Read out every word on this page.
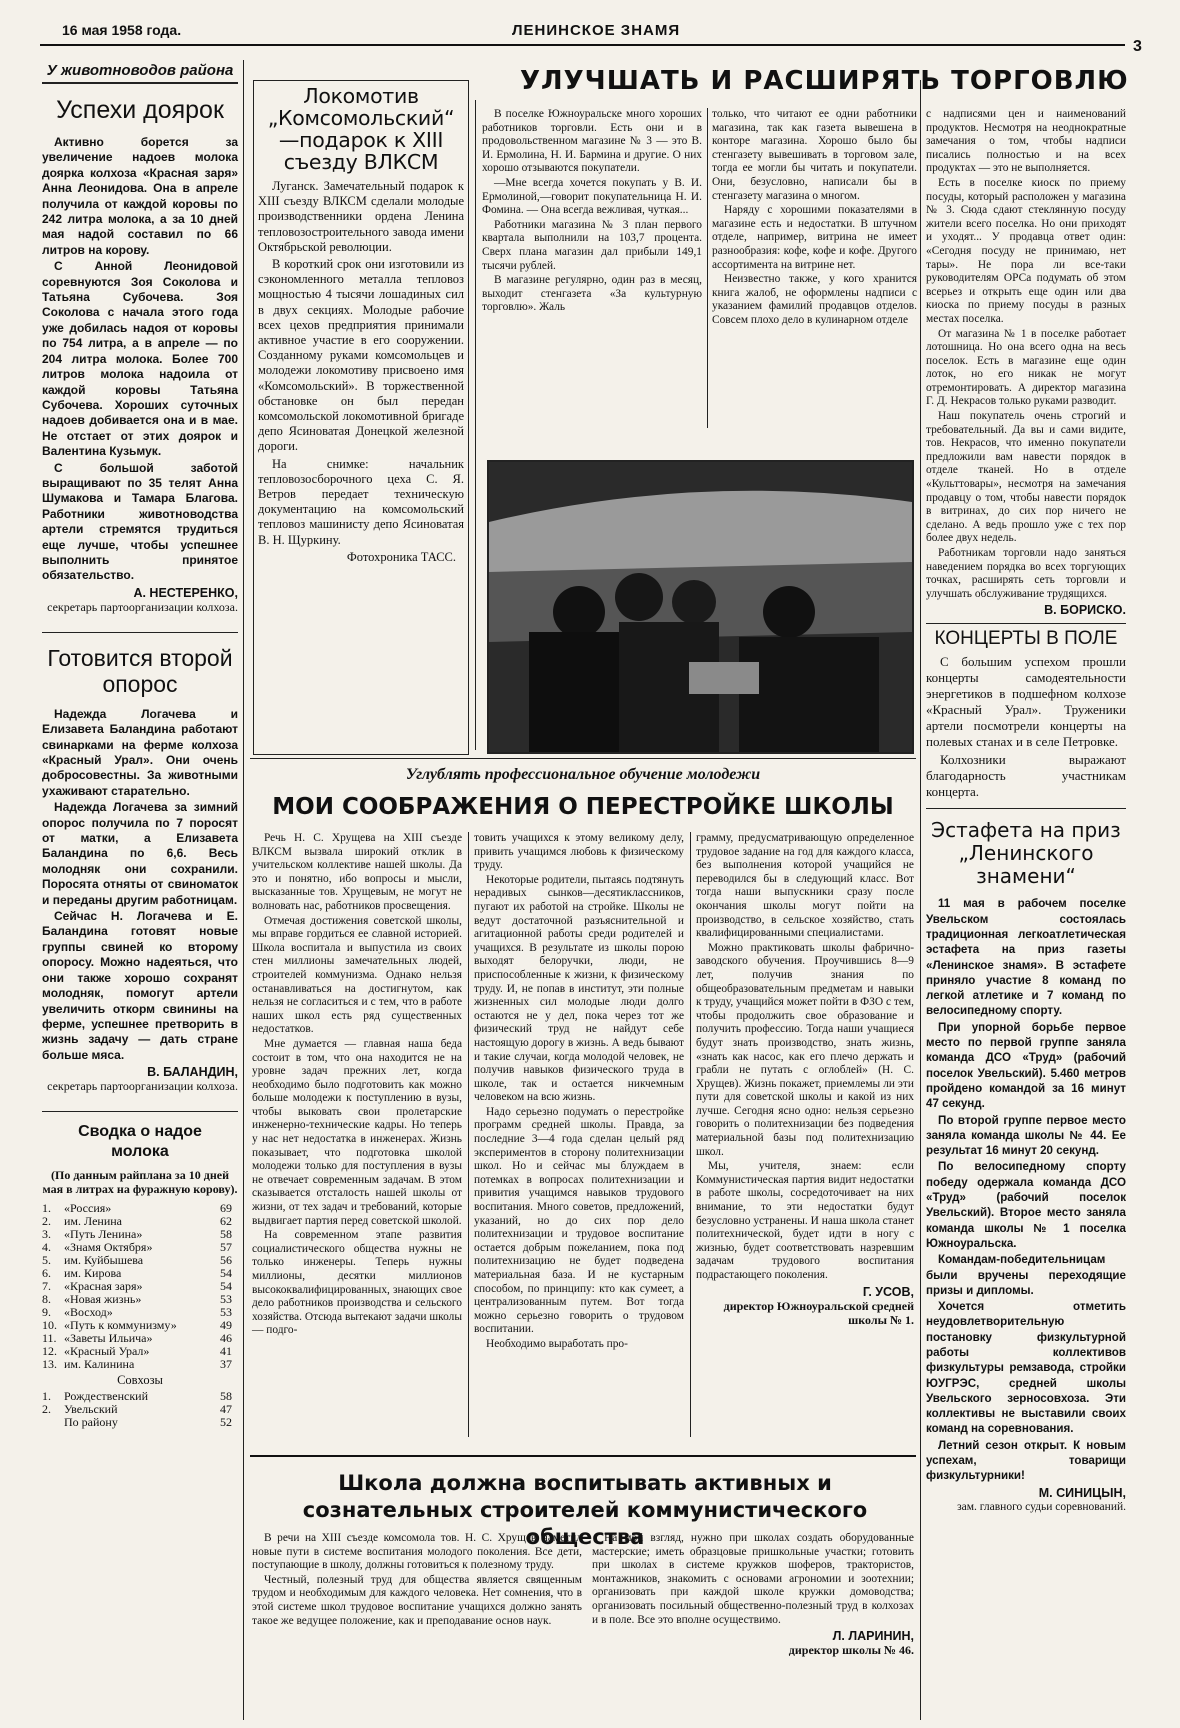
16 мая 1958 года.	ЛЕНИНСКОЕ ЗНАМЯ
3
У животноводов района
Успехи доярок

Активно борется за увеличение надоев молока доярка колхоза «Красная заря» Анна Леонидова. Она в апреле получила от каждой коровы по 242 литра молока, а за 10 дней мая надой составил по 66 литров на корову.

С Анной Леонидовой соревнуются Зоя Соколова и Татьяна Субочева. Зоя Соколова с начала этого года уже добилась надоя от коровы по 754 литра, а в апреле — по 204 литра молока. Более 700 литров молока надоила от каждой коровы Татьяна Субочева. Хороших суточных надоев добивается она и в мае. Не отстает от этих доярок и Валентина Кузьмук.

С большой заботой выращивают по 35 телят Анна Шумакова и Тамара Благова. Работники животноводства артели стремятся трудиться еще лучше, чтобы успешнее выполнить принятое обязательство.

А. НЕСТЕРЕНКО,

секретарь партоорганизации колхоза.

Готовится второй опорос

Надежда Логачева и Елизавета Баландина работают свинарками на ферме колхоза «Красный Урал». Они очень добросовестны. За животными ухаживают старательно.

Надежда Логачева за зимний опорос получила по 7 поросят от матки, а Елизавета Баландина по 6,6. Весь молодняк они сохранили. Поросята отняты от свиноматок и переданы другим работницам.

Сейчас Н. Логачева и Е. Баландина готовят новые группы свиней ко второму опоросу. Можно надеяться, что они также хорошо сохранят молодняк, помогут артели увеличить откорм свинины на ферме, успешнее претворить в жизнь задачу — дать стране больше мяса.

В. БАЛАНДИН,

секретарь партоорганизации колхоза.

Сводка о надое молока
(По данным райплана за 10 дней мая в литрах на фуражную корову).
1.	«Россия»	69
2.	им. Ленина	62
3.	«Путь Ленина»	58
4.	«Знамя Октября»	57
5.	им. Куйбышева	56
6.	им. Кирова	54
7.	«Красная заря»	54
8.	«Новая жизнь»	53
9.	«Восход»	53
10.	«Путь к коммунизму»	49
11.	«Заветы Ильича»	46
12.	«Красный Урал»	41
13.	им. Калинина	37
Совхозы
1.	Рождественский	58
2.	Увельский	47
	По району	52
Локомотив „Комсомольский“ —подарок к XIII съезду ВЛКСМ

Луганск. Замечательный подарок к XIII съезду ВЛКСМ сделали молодые производственники ордена Ленина тепловозостроительного завода имени Октябрьской революции.

В короткий срок они изготовили из сэкономленного металла тепловоз мощностью 4 тысячи лошадиных сил в двух секциях. Молодые рабочие всех цехов предприятия принимали активное участие в его сооружении. Созданному руками комсомольцев и молодежи локомотиву присвоено имя «Комсомольский». В торжественной обстановке он был передан комсомольской локомотивной бригаде депо Ясиноватая Донецкой железной дороги.

На снимке: начальник тепловозосборочного цеха С. Я. Ветров передает техническую документацию на комсомольский тепловоз машинисту депо Ясиноватая В. Н. Щуркину.

Фотохроника ТАСС.

УЛУЧШАТЬ И РАСШИРЯТЬ ТОРГОВЛЮ

В поселке Южноуральске много хороших работников торговли. Есть они и в продовольственном магазине № 3 — это В. И. Ермолина, Н. И. Бармина и другие. О них хорошо отзываются покупатели.

—Мне всегда хочется покупать у В. И. Ермолиной,—говорит покупательница Н. И. Фомина. — Она всегда вежливая, чуткая...

Работники магазина № 3 план первого квартала выполнили на 103,7 процента. Сверх плана магазин дал прибыли 149,1 тысячи рублей.

В магазине регулярно, один раз в месяц, выходит стенгазета «За культурную торговлю». Жаль

только, что читают ее одни работники магазина, так как газета вывешена в конторе магазина. Хорошо было бы стенгазету вывешивать в торговом зале, тогда ее могли бы читать и покупатели. Они, безусловно, написали бы в стенгазету магазина о многом.

Наряду с хорошими показателями в магазине есть и недостатки. В штучном отделе, например, витрина не имеет разнообразия: кофе, кофе и кофе. Другого ассортимента на витрине нет.

Неизвестно также, у кого хранится книга жалоб, не оформлены надписи с указанием фамилий продавцов отделов. Совсем плохо дело в кулинарном отделе

с надписями цен и наименований продуктов. Несмотря на неоднократные замечания о том, чтобы надписи писались полностью и на всех продуктах — это не выполняется.

Есть в поселке киоск по приему посуды, который расположен у магазина № 3. Сюда сдают стеклянную посуду жители всего поселка. Но они приходят и уходят... У продавца ответ один: «Сегодня посуду не принимаю, нет тары». Не пора ли все-таки руководителям ОРСа подумать об этом всерьез и открыть еще один или два киоска по приему посуды в разных местах поселка.

От магазина № 1 в поселке работает лотошница. Но она всего одна на весь поселок. Есть в магазине еще один лоток, но его никак не могут отремонтировать. А директор магазина Г. Д. Некрасов только руками разводит.

Наш покупатель очень строгий и требовательный. Да вы и сами видите, тов. Некрасов, что именно покупатели предложили вам навести порядок в отделе тканей. Но в отделе «Культтовары», несмотря на замечания продавцу о том, чтобы навести порядок в витринах, до сих пор ничего не сделано. А ведь прошло уже с тех пор более двух недель.

Работникам торговли надо заняться наведением порядка во всех торгующих точках, расширять сеть торговли и улучшать обслуживание трудящихся.

В. БОРИСКО.

КОНЦЕРТЫ В ПОЛЕ

С большим успехом прошли концерты самодеятельности энергетиков в подшефном колхозе «Красный Урал». Труженики артели посмотрели концерты на полевых станах и в селе Петровке.

Колхозники выражают благодарность участникам концерта.

Эстафета на приз „Ленинского знамени“

11 мая в рабочем поселке Увельском состоялась традиционная легкоатлетическая эстафета на приз газеты «Ленинское знамя». В эстафете приняло участие 8 команд по легкой атлетике и 7 команд по велосипедному спорту.

При упорной борьбе первое место по первой группе заняла команда ДСО «Труд» (рабочий поселок Увельский). 5.460 метров пройдено командой за 16 минут 47 секунд.

По второй группе первое место заняла команда школы № 44. Ее результат 16 минут 20 секунд.

По велосипедному спорту победу одержала команда ДСО «Труд» (рабочий поселок Увельский). Второе место заняла команда школы № 1 поселка Южноуральска.

Командам-победительницам были вручены переходящие призы и дипломы.

Хочется отметить неудовлетворительную постановку физкультурной работы коллективов физкультуры ремзавода, стройки ЮУГРЭС, средней школы Увельского зерносовхоза. Эти коллективы не выставили своих команд на соревнования.

Летний сезон открыт. К новым успехам, товарищи физкультурники!

М. СИНИЦЫН,

зам. главного судьи соревнований.

Углублять профессиональное обучение молодежи
МОИ СООБРАЖЕНИЯ О ПЕРЕСТРОЙКЕ ШКОЛЫ

Речь Н. С. Хрущева на XIII съезде ВЛКСМ вызвала широкий отклик в учительском коллективе нашей школы. Да это и понятно, ибо вопросы и мысли, высказанные тов. Хрущевым, не могут не волновать нас, работников просвещения.

Отмечая достижения советской школы, мы вправе гордиться ее славной историей. Школа воспитала и выпустила из своих стен миллионы замечательных людей, строителей коммунизма. Однако нельзя останавливаться на достигнутом, как нельзя не согласиться и с тем, что в работе наших школ есть ряд существенных недостатков.

Мне думается — главная наша беда состоит в том, что она находится не на уровне задач прежних лет, когда необходимо было подготовить как можно больше молодежи к поступлению в вузы, чтобы выковать свои пролетарские инженерно-технические кадры. Но теперь у нас нет недостатка в инженерах. Жизнь показывает, что подготовка школой молодежи только для поступления в вузы не отвечает современным задачам. В этом сказывается отсталость нашей школы от жизни, от тех задач и требований, которые выдвигает партия перед советской школой.

На современном этапе развития социалистического общества нужны не только инженеры. Теперь нужны миллионы, десятки миллионов высококвалифицированных, знающих свое дело работников производства и сельского хозяйства. Отсюда вытекают задачи школы — подго-

товить учащихся к этому великому делу, привить учащимся любовь к физическому труду.

Некоторые родители, пытаясь подтянуть нерадивых сынков—десятиклассников, пугают их работой на стройке. Школы не ведут достаточной разъяснительной и агитационной работы среди родителей и учащихся. В результате из школы порою выходят белоручки, люди, не приспособленные к жизни, к физическому труду. И, не попав в институт, эти полные жизненных сил молодые люди долго остаются не у дел, пока через тот же физический труд не найдут себе настоящую дорогу в жизнь. А ведь бывают и такие случаи, когда молодой человек, не получив навыков физического труда в школе, так и остается никчемным человеком на всю жизнь.

Надо серьезно подумать о перестройке программ средней школы. Правда, за последние 3—4 года сделан целый ряд экспериментов в сторону политехнизации школ. Но и сейчас мы блуждаем в потемках в вопросах политехнизации и привития учащимся навыков трудового воспитания. Много советов, предложений, указаний, но до сих пор дело политехнизации и трудовое воспитание остается добрым пожеланием, пока под политехнизацию не будет подведена материальная база. И не кустарным способом, по принципу: кто как сумеет, а централизованным путем. Вот тогда можно серьезно говорить о трудовом воспитании.

Необходимо выработать про-

грамму, предусматривающую определенное трудовое задание на год для каждого класса, без выполнения которой учащийся не переводился бы в следующий класс. Вот тогда наши выпускники сразу после окончания школы могут пойти на производство, в сельское хозяйство, стать квалифицированными специалистами.

Можно практиковать школы фабрично-заводского обучения. Проучившись 8—9 лет, получив знания по общеобразовательным предметам и навыки к труду, учащийся может пойти в ФЗО с тем, чтобы продолжить свое образование и получить профессию. Тогда наши учащиеся будут знать производство, знать жизнь, «знать как насос, как его плечо держать и грабли не путать с оглоблей» (Н. С. Хрущев). Жизнь покажет, приемлемы ли эти пути для советской школы и какой из них лучше. Сегодня ясно одно: нельзя серьезно говорить о политехнизации без подведения материальной базы под политехнизацию школ.

Мы, учителя, знаем: если Коммунистическая партия видит недостатки в работе школы, сосредоточивает на них внимание, то эти недостатки будут безусловно устранены. И наша школа станет политехнической, будет идти в ногу с жизнью, будет соответствовать назревшим задачам трудового воспитания подрастающего поколения.

Г. УСОВ,

директор Южноуральской средней школы № 1.

Школа должна воспитывать активных и сознательных строителей коммунистического общества

В речи на XIII съезде комсомола тов. Н. С. Хрущев наметил новые пути в системе воспитания молодого поколения. Все дети, поступающие в школу, должны готовиться к полезному труду.

Честный, полезный труд для общества является священным трудом и необходимым для каждого человека. Нет сомнения, что в этой системе школ трудовое воспитание учащихся должно занять такое же ведущее положение, как и преподавание основ наук.

На мой взгляд, нужно при школах создать оборудованные мастерские; иметь образцовые пришкольные участки; готовить при школах в системе кружков шоферов, трактористов, монтажников, знакомить с основами агрономии и зоотехнии; организовать при каждой школе кружки домоводства; организовать посильный общественно-полезный труд в колхозах и в поле. Все это вполне осуществимо.

Л. ЛАРИНИН,

директор школы № 46.
